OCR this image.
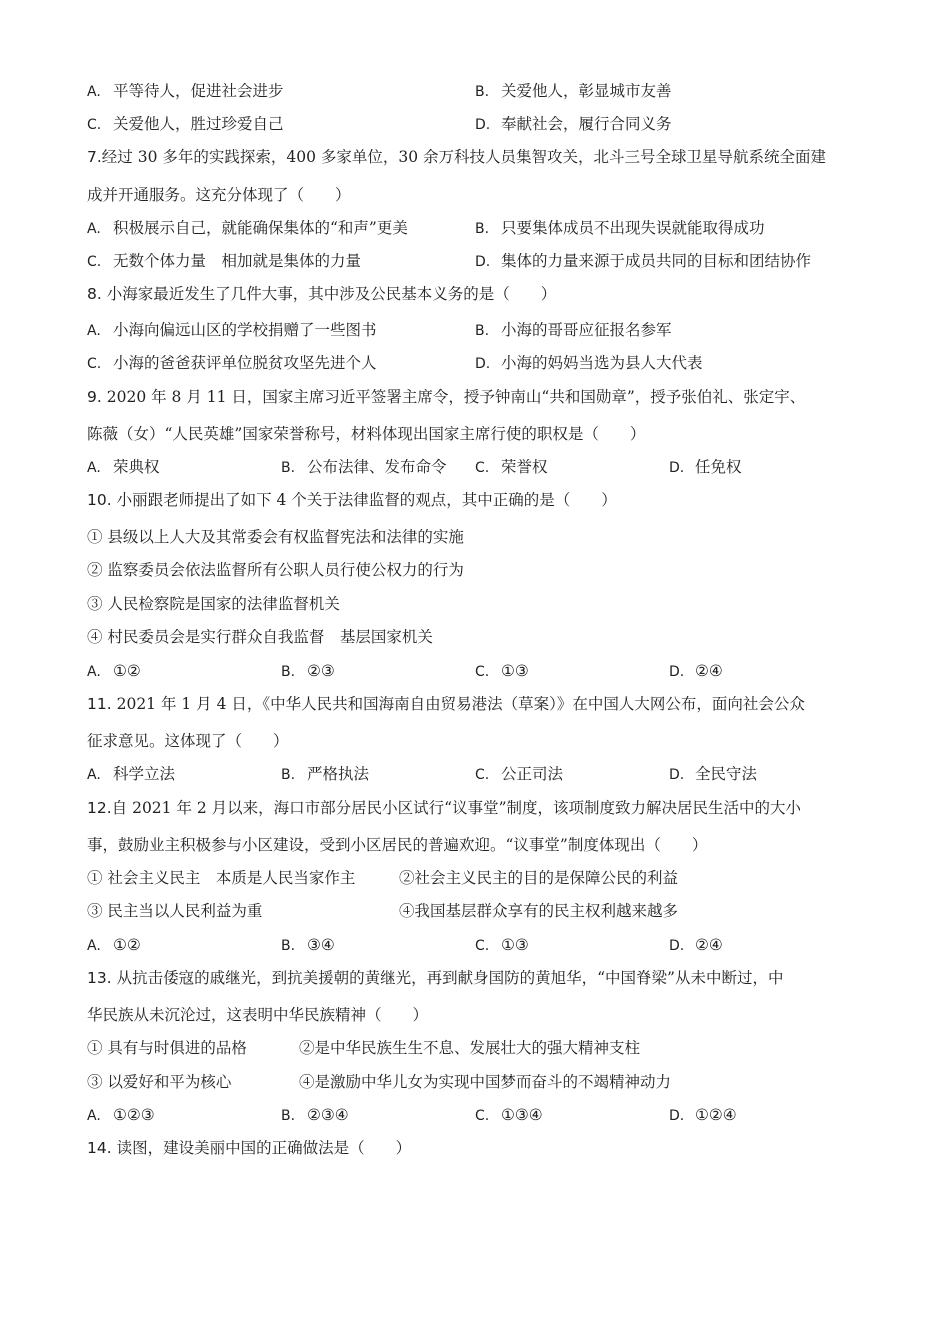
A. 平等待人，促进社会进步	B. 关爱他人，彰显城市友善
C. 关爱他人，胜过珍爱自己	D. 奉献社会，履行合同义务
7.经过 30 多年的实践探索，400 多家单位，30 余万科技人员集智攻关，北斗三号全球卫星导航系统全面建
成并开通服务。这充分体现了（　　）
A. 积极展示自己，就能确保集体的“和声”更美	B. 只要集体成员不出现失误就能取得成功
C. 无数个体力量　相加就是集体的力量	D. 集体的力量来源于成员共同的目标和团结协作
8. 小海家最近发生了几件大事，其中涉及公民基本义务的是（　　）
A. 小海向偏远山区的学校捐赠了一些图书	B. 小海的哥哥应征报名参军
C. 小海的爸爸获评单位脱贫攻坚先进个人	D. 小海的妈妈当选为县人大代表
9. 2020 年 8 月 11 日，国家主席习近平签署主席令，授予钟南山“共和国勋章”，授予张伯礼、张定宇、
陈薇（女）“人民英雄”国家荣誉称号，材料体现出国家主席行使的职权是（　　）
A. 荣典权	B. 公布法律、发布命令 C. 荣誉权	D. 任免权
10. 小丽跟老师提出了如下 4 个关于法律监督的观点，其中正确的是（　　）
① 县级以上人大及其常委会有权监督宪法和法律的实施
② 监察委员会依法监督所有公职人员行使公权力的行为
③ 人民检察院是国家的法律监督机关
④ 村民委员会是实行群众自我监督　基层国家机关
A. ①②	B. ②③	C. ①③	D. ②④
11. 2021 年 1 月 4 日，《中华人民共和国海南自由贸易港法（草案）》在中国人大网公布，面向社会公众
征求意见。这体现了（　　）
A. 科学立法	B. 严格执法	C. 公正司法	D. 全民守法
12.自 2021 年 2 月以来，海口市部分居民小区试行“议事堂”制度，该项制度致力解决居民生活中的大小
事，鼓励业主积极参与小区建设，受到小区居民的普遍欢迎。“议事堂”制度体现出（　　）
① 社会主义民主　本质是人民当家作主	②社会主义民主的目的是保障公民的利益
③ 民主当以人民利益为重	④我国基层群众享有的民主权利越来越多
A. ①②	B. ③④	C. ①③	D. ②④
13. 从抗击倭寇的戚继光，到抗美援朝的黄继光，再到献身国防的黄旭华，“中国脊梁”从未中断过，中
华民族从未沉沦过，这表明中华民族精神（　　）
① 具有与时俱进的品格	②是中华民族生生不息、发展壮大的强大精神支柱
③ 以爱好和平为核心	④是激励中华儿女为实现中国梦而奋斗的不竭精神动力
A. ①②③	B. ②③④	C. ①③④	D. ①②④
14. 读图，建设美丽中国的正确做法是（　　）
